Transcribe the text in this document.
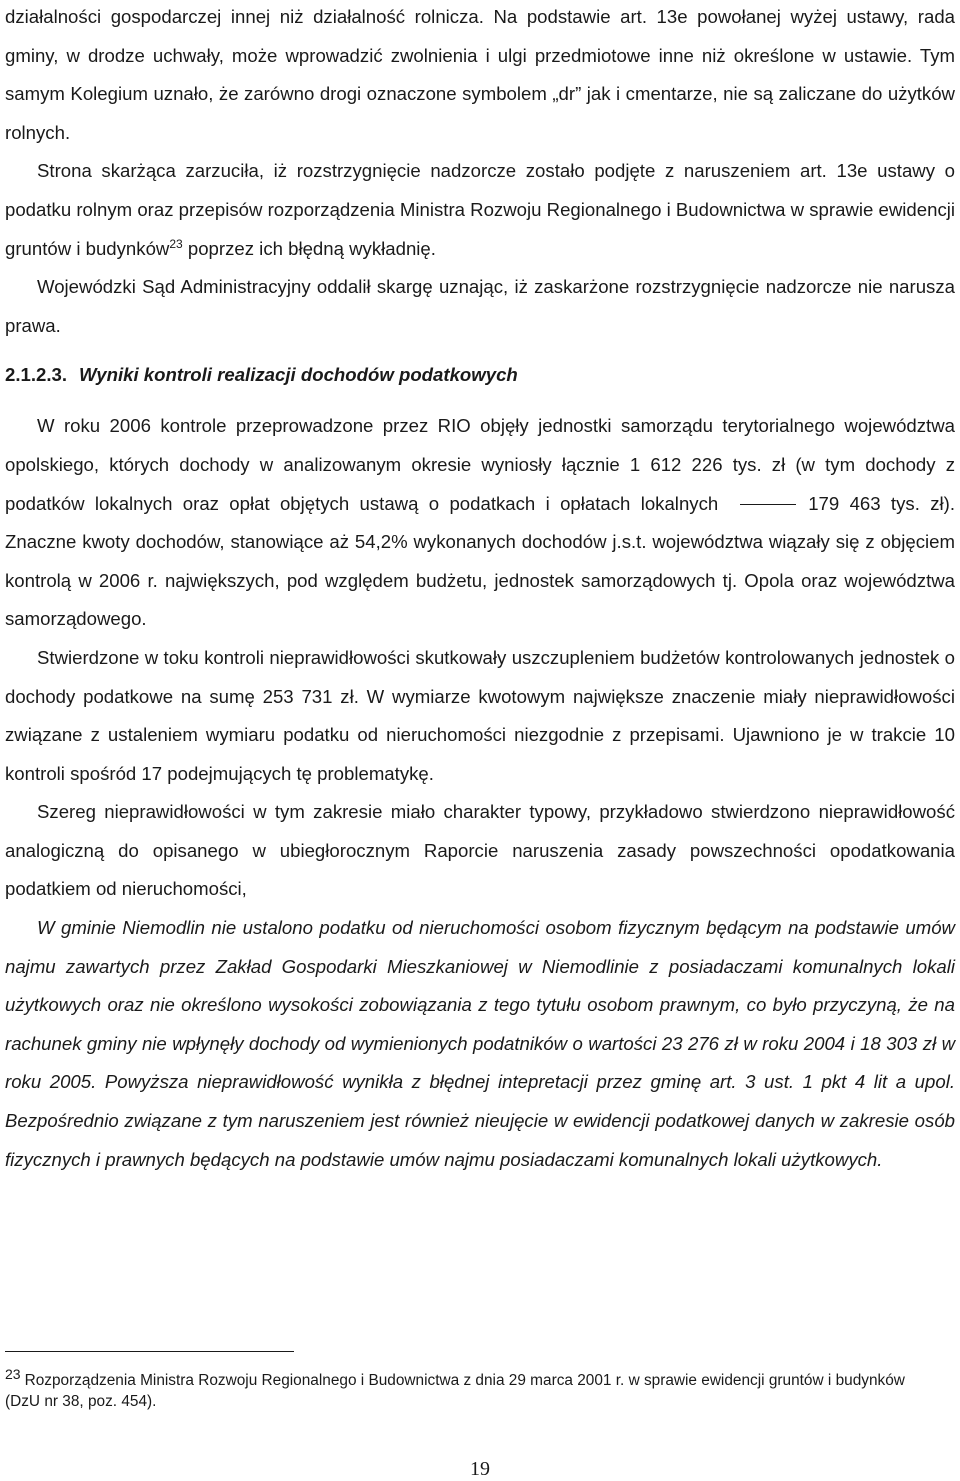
działalności gospodarczej innej niż działalność rolnicza. Na podstawie art. 13e powołanej wyżej ustawy, rada gminy, w drodze uchwały, może wprowadzić zwolnienia i ulgi przedmiotowe inne niż określone w ustawie. Tym samym Kolegium uznało, że zarówno drogi oznaczone symbolem „dr” jak i cmentarze, nie są zaliczane do użytków rolnych.

Strona skarżąca zarzuciła, iż rozstrzygnięcie nadzorcze zostało podjęte z naruszeniem art. 13e ustawy o podatku rolnym oraz przepisów rozporządzenia Ministra Rozwoju Regionalnego i Budownictwa w sprawie ewidencji gruntów i budynków$^{23}$ poprzez ich błędną wykładnię.

Wojewódzki Sąd Administracyjny oddalił skargę uznając, iż zaskarżone rozstrzygnięcie nadzorcze nie narusza prawa.

2.1.2.3. Wyniki kontroli realizacji dochodów podatkowych

W roku 2006 kontrole przeprowadzone przez RIO objęły jednostki samorządu terytorialnego województwa opolskiego, których dochody w analizowanym okresie wyniosły łącznie 1 612 226 tys. zł (w tym dochody z podatków lokalnych oraz opłat objętych ustawą o podatkach i opłatach lokalnych	179 463 tys. zł). Znaczne kwoty dochodów, stanowiące aż 54,2% wykonanych dochodów j.s.t. województwa wiązały się z objęciem kontrolą w 2006 r. największych, pod względem budżetu, jednostek samorządowych tj. Opola oraz województwa samorządowego.

Stwierdzone w toku kontroli nieprawidłowości skutkowały uszczupleniem budżetów kontrolowanych jednostek o dochody podatkowe na sumę 253 731 zł. W wymiarze kwotowym największe znaczenie miały nieprawidłowości związane z ustaleniem wymiaru podatku od nieruchomości niezgodnie z przepisami. Ujawniono je w trakcie 10 kontroli spośród 17 podejmujących tę problematykę.

Szereg nieprawidłowości w tym zakresie miało charakter typowy, przykładowo stwierdzono nieprawidłowość analogiczną do opisanego w ubiegłorocznym Raporcie naruszenia zasady powszechności opodatkowania podatkiem od nieruchomości,

W gminie Niemodlin nie ustalono podatku od nieruchomości osobom fizycznym będącym na podstawie umów najmu zawartych przez Zakład Gospodarki Mieszkaniowej w Niemodlinie z posiadaczami komunalnych lokali użytkowych oraz nie określono wysokości zobowiązania z tego tytułu osobom prawnym, co było przyczyną, że na rachunek gminy nie wpłynęły dochody od wymienionych podatników o wartości 23 276 zł w roku 2004 i 18 303 zł w roku 2005. Powyższa nieprawidłowość wynikła z błędnej intepretacji przez gminę art. 3 ust. 1 pkt 4 lit a upol. Bezpośrednio związane z tym naruszeniem jest również nieujęcie w ewidencji podatkowej danych w zakresie osób fizycznych i prawnych będących na podstawie umów najmu posiadaczami komunalnych lokali użytkowych.

23 Rozporządzenia Ministra Rozwoju Regionalnego i Budownictwa z dnia 29 marca 2001 r. w sprawie ewidencji gruntów i budynków (DzU nr 38, poz. 454).
19
